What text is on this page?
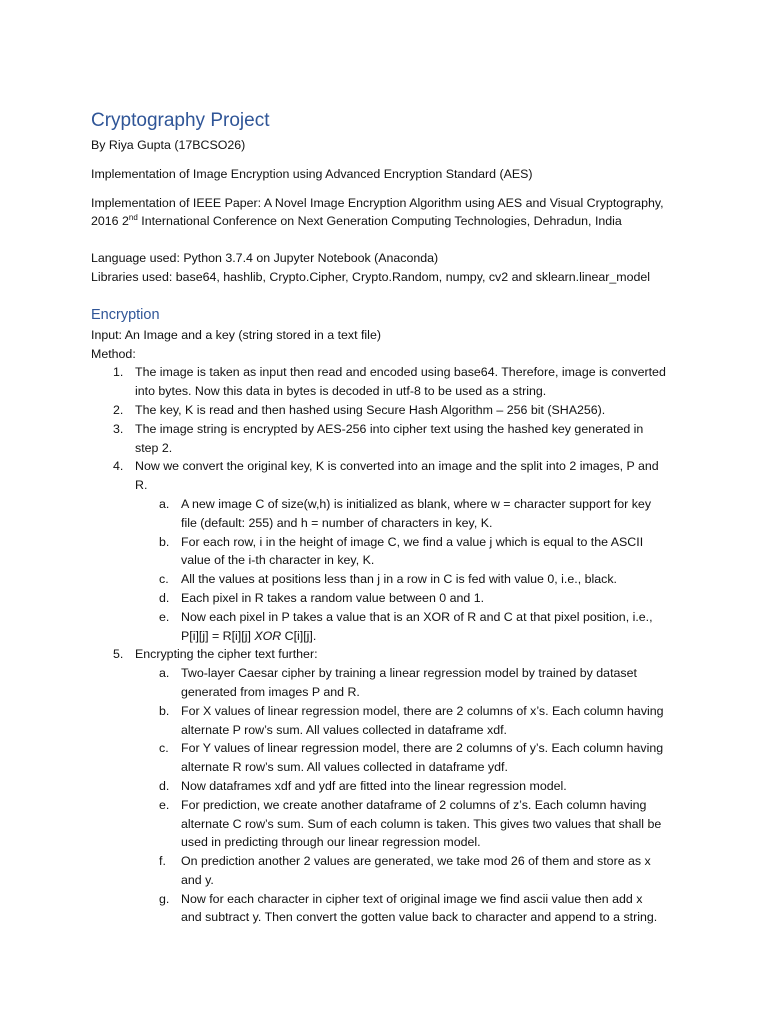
Cryptography Project

By Riya Gupta (17BCSO26)

Implementation of Image Encryption using Advanced Encryption Standard (AES)

Implementation of IEEE Paper: A Novel Image Encryption Algorithm using AES and Visual Cryptography,

2016 2nd International Conference on Next Generation Computing Technologies, Dehradun, India

Language used: Python 3.7.4 on Jupyter Notebook (Anaconda)

Libraries used: base64, hashlib, Crypto.Cipher, Crypto.Random, numpy, cv2 and sklearn.linear_model

Encryption

Input: An Image and a key (string stored in a text file)

Method:

1. The image is taken as input then read and encoded using base64. Therefore, image is converted

into bytes. Now this data in bytes is decoded in utf-8 to be used as a string.

2. The key, K is read and then hashed using Secure Hash Algorithm – 256 bit (SHA256).

3. The image string is encrypted by AES-256 into cipher text using the hashed key generated in

step 2.

4. Now we convert the original key, K is converted into an image and the split into 2 images, P and

R.

a. A new image C of size(w,h) is initialized as blank, where w = character support for key

file (default: 255) and h = number of characters in key, K.

b. For each row, i in the height of image C, we find a value j which is equal to the ASCII

value of the i-th character in key, K.

c. All the values at positions less than j in a row in C is fed with value 0, i.e., black.

d. Each pixel in R takes a random value between 0 and 1.

e. Now each pixel in P takes a value that is an XOR of R and C at that pixel position, i.e.,

P[i][j] = R[i][j] XOR C[i][j].

5. Encrypting the cipher text further:

a. Two-layer Caesar cipher by training a linear regression model by trained by dataset

generated from images P and R.

b. For X values of linear regression model, there are 2 columns of x’s. Each column having

alternate P row’s sum. All values collected in dataframe xdf.

c. For Y values of linear regression model, there are 2 columns of y’s. Each column having

alternate R row’s sum. All values collected in dataframe ydf.

d. Now dataframes xdf and ydf are fitted into the linear regression model.

e. For prediction, we create another dataframe of 2 columns of z’s. Each column having

alternate C row’s sum. Sum of each column is taken. This gives two values that shall be

used in predicting through our linear regression model.

f. On prediction another 2 values are generated, we take mod 26 of them and store as x

and y.

g. Now for each character in cipher text of original image we find ascii value then add x

and subtract y. Then convert the gotten value back to character and append to a string.
